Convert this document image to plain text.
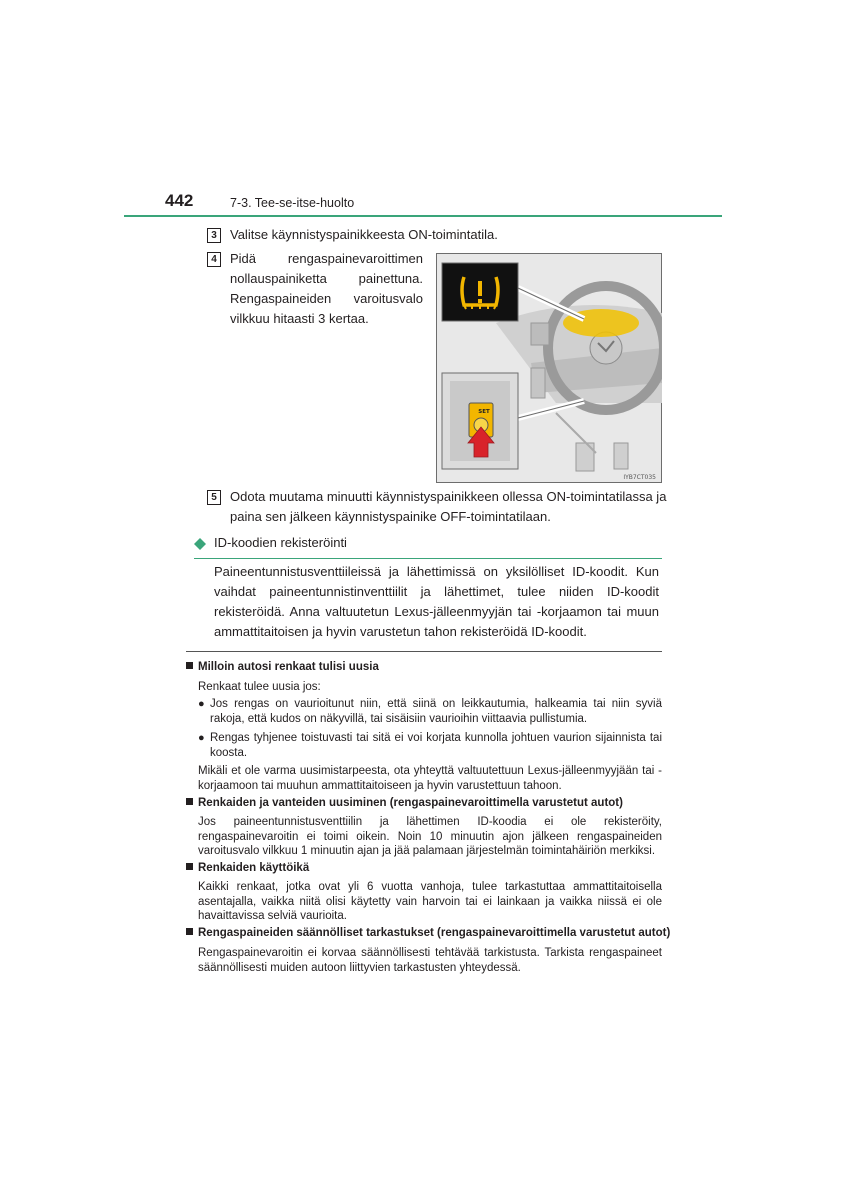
442	7-3. Tee-se-itse-huolto
3	Valitse käynnistyspainikkeesta ON-toimintatila.
4	Pidä rengaspainevaroittimen nollauspainiketta painettuna. Rengaspaineiden varoitusvalo vilkkuu hitaasti 3 kertaa.
SET
IYB7CT035
5	Odota muutama minuutti käynnistyspainikkeen ollessa ON-toimintatilassa ja paina sen jälkeen käynnistyspainike OFF-toimintatilaan.
ID-koodien rekisteröinti
Paineentunnistusventtiileissä ja lähettimissä on yksilölliset ID-koodit. Kun vaihdat paineentunnistinventtiilit ja lähettimet, tulee niiden ID-koodit rekisteröidä. Anna valtuutetun Lexus-jälleenmyyjän tai -korjaamon tai muun ammattitaitoisen ja hyvin varustetun tahon rekisteröidä ID-koodit.
Milloin autosi renkaat tulisi uusia
Renkaat tulee uusia jos:
● Jos rengas on vaurioitunut niin, että siinä on leikkautumia, halkeamia tai niin syviä rakoja, että kudos on näkyvillä, tai sisäisiin vaurioihin viittaavia pullistumia.
● Rengas tyhjenee toistuvasti tai sitä ei voi korjata kunnolla johtuen vaurion sijainnista tai koosta.
Mikäli et ole varma uusimistarpeesta, ota yhteyttä valtuutettuun Lexus-jälleenmyyjään tai -korjaamoon tai muuhun ammattitaitoiseen ja hyvin varustettuun tahoon.
Renkaiden ja vanteiden uusiminen (rengaspainevaroittimella varustetut autot)
Jos paineentunnistusventtiilin ja lähettimen ID-koodia ei ole rekisteröity, rengaspainevaroitin ei toimi oikein. Noin 10 minuutin ajon jälkeen rengaspaineiden varoitusvalo vilkkuu 1 minuutin ajan ja jää palamaan järjestelmän toimintahäiriön merkiksi.
Renkaiden käyttöikä
Kaikki renkaat, jotka ovat yli 6 vuotta vanhoja, tulee tarkastuttaa ammattitaitoisella asentajalla, vaikka niitä olisi käytetty vain harvoin tai ei lainkaan ja vaikka niissä ei ole havaittavissa selviä vaurioita.
Rengaspaineiden säännölliset tarkastukset (rengaspainevaroittimella varustetut autot)
Rengaspainevaroitin ei korvaa säännöllisesti tehtävää tarkistusta. Tarkista rengaspaineet säännöllisesti muiden autoon liittyvien tarkastusten yhteydessä.
